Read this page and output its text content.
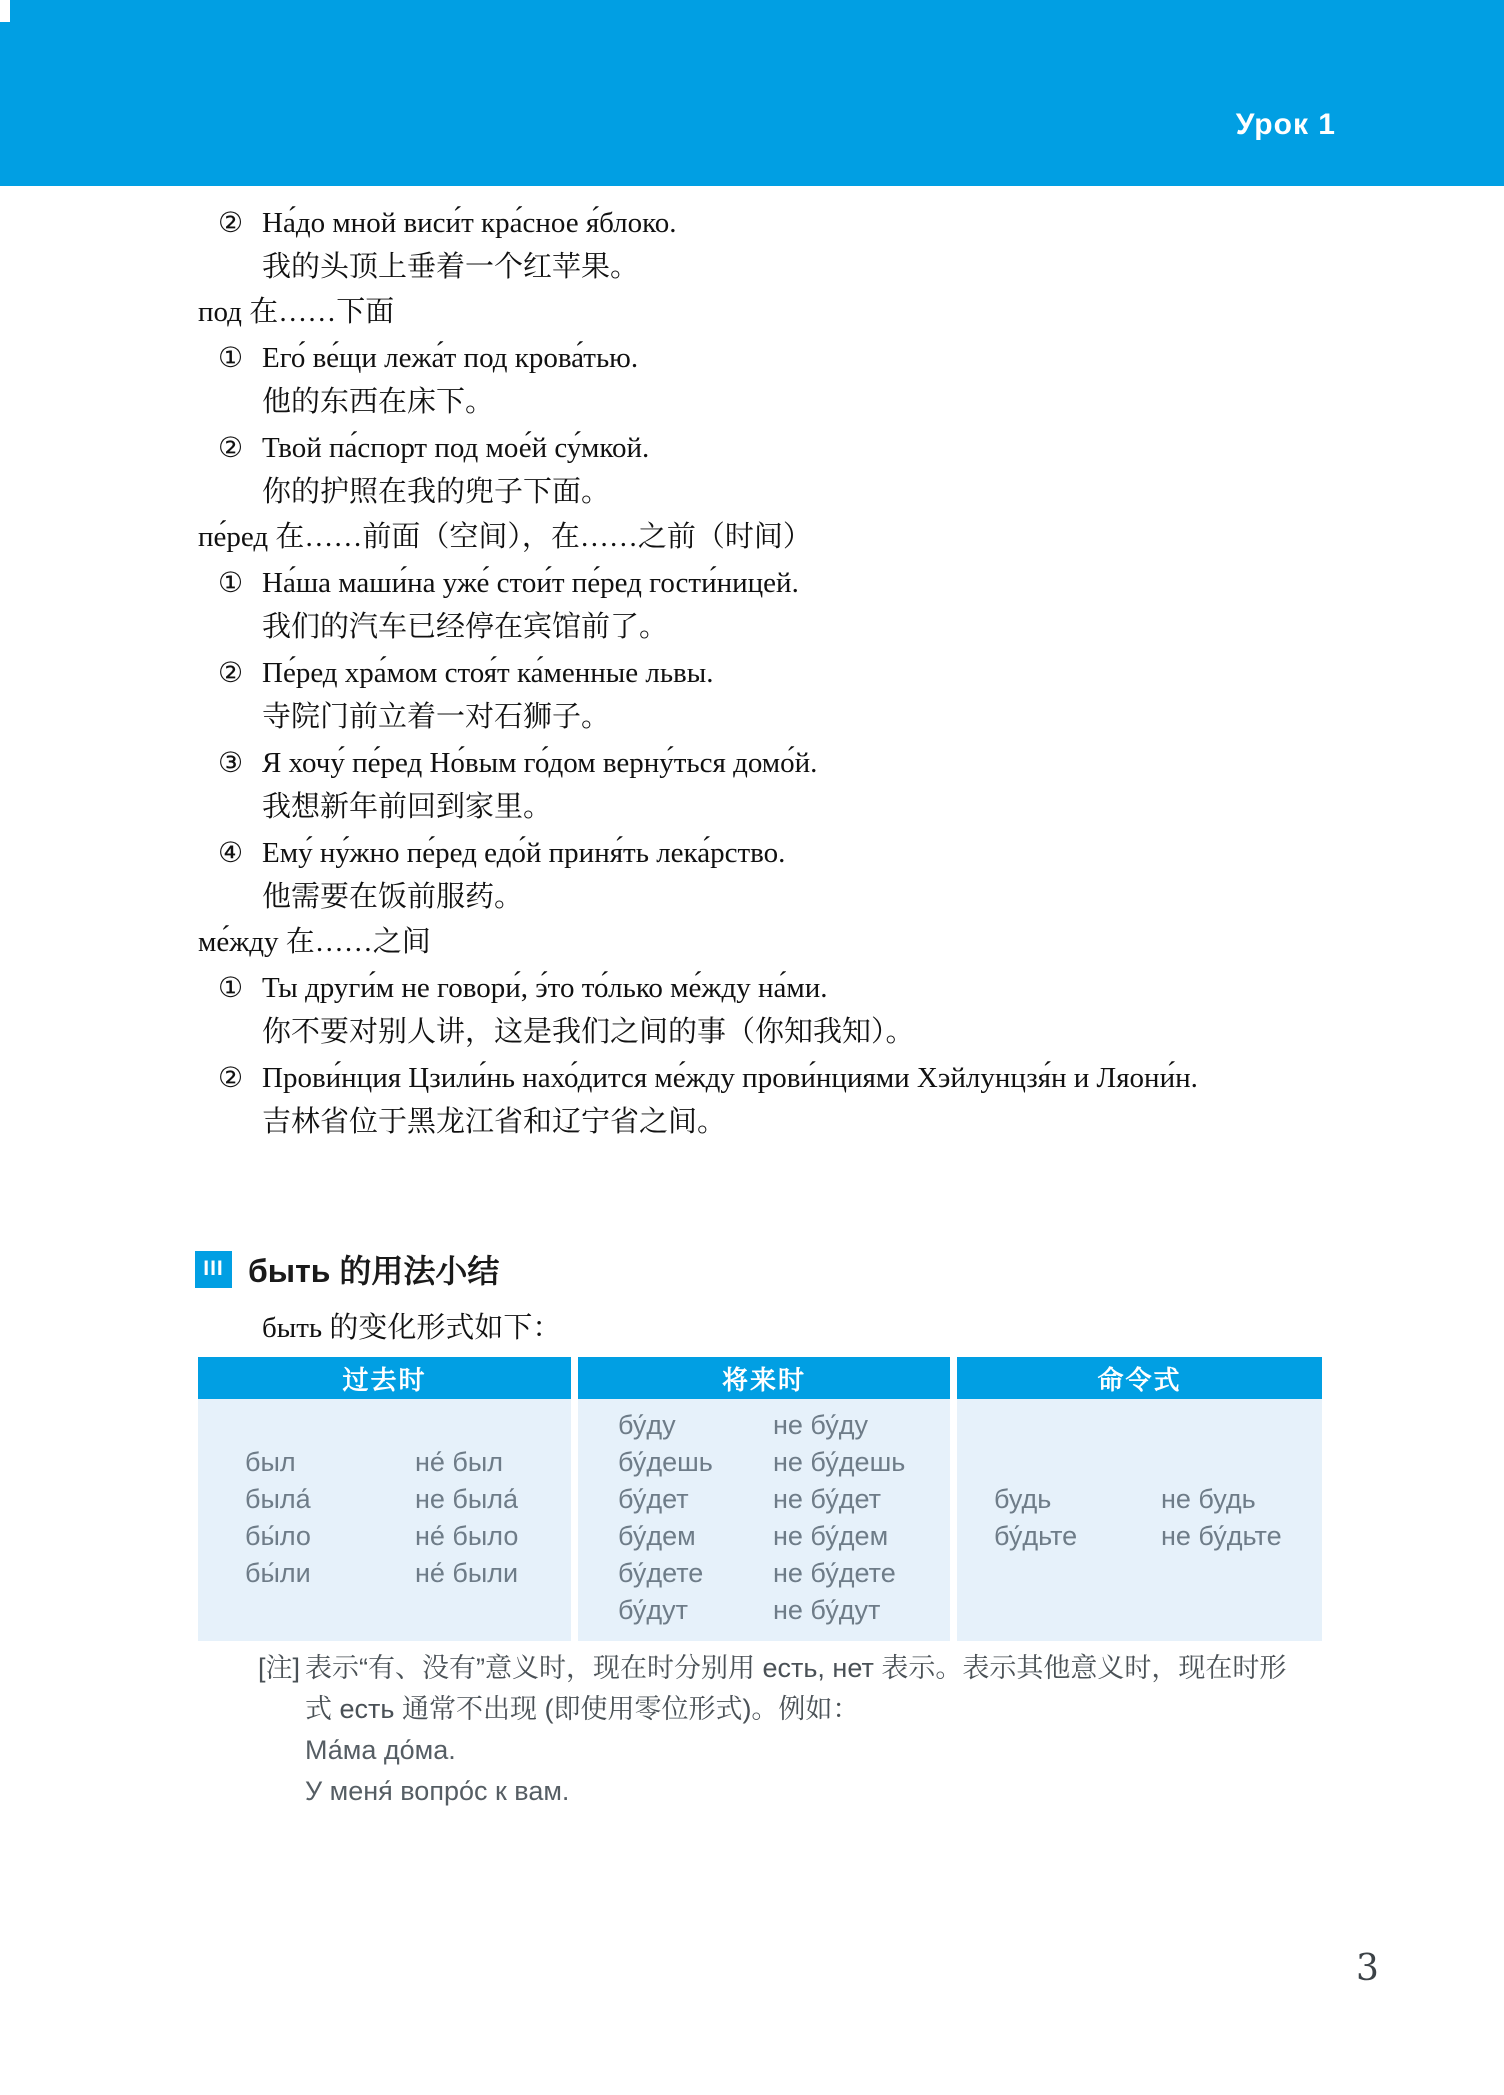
Урок 1
② На́до мной виси́т кра́сное я́блоко.
我的头顶上垂着一个红苹果。
под 在……下面
① Его́ ве́щи лежа́т под крова́тью.
他的东西在床下。
② Твой па́спорт под мое́й су́мкой.
你的护照在我的兜子下面。
пе́ред 在……前面（空间），在……之前（时间）
① На́ша маши́на уже́ стои́т пе́ред гости́ницей.
我们的汽车已经停在宾馆前了。
② Пе́ред хра́мом стоя́т ка́менные львы.
寺院门前立着一对石狮子。
③ Я хочу́ пе́ред Но́вым го́дом верну́ться домо́й.
我想新年前回到家里。
④ Ему́ ну́жно пе́ред едо́й приня́ть лека́рство.
他需要在饭前服药。
ме́жду 在……之间
① Ты други́м не говори́, э́то то́лько ме́жду на́ми.
你不要对别人讲，这是我们之间的事（你知我知）。
② Прови́нция Цзили́нь нахо́дится ме́жду прови́нциями Хэйлунцзя́н и Ляони́н.
吉林省位于黑龙江省和辽宁省之间。
III быть 的用法小结
быть 的变化形式如下：
过去时
был	не́ был
была́	не была́
бы́ло	не́ было
бы́ли	не́ были
将来时
бу́ду	не бу́ду
бу́дешь	не бу́дешь
бу́дет	не бу́дет
бу́дем	не бу́дем
бу́дете	не бу́дете
бу́дут	не бу́дут
命令式
будь	не будь
бу́дьте	не бу́дьте
[注] 表示“有、没有”意义时，现在时分别用 есть, нет 表示。表示其他意义时，现在时形
式 есть 通常不出现 (即使用零位形式)。例如：
Ма́ма до́ма.
У меня́ вопро́с к вам.
3
